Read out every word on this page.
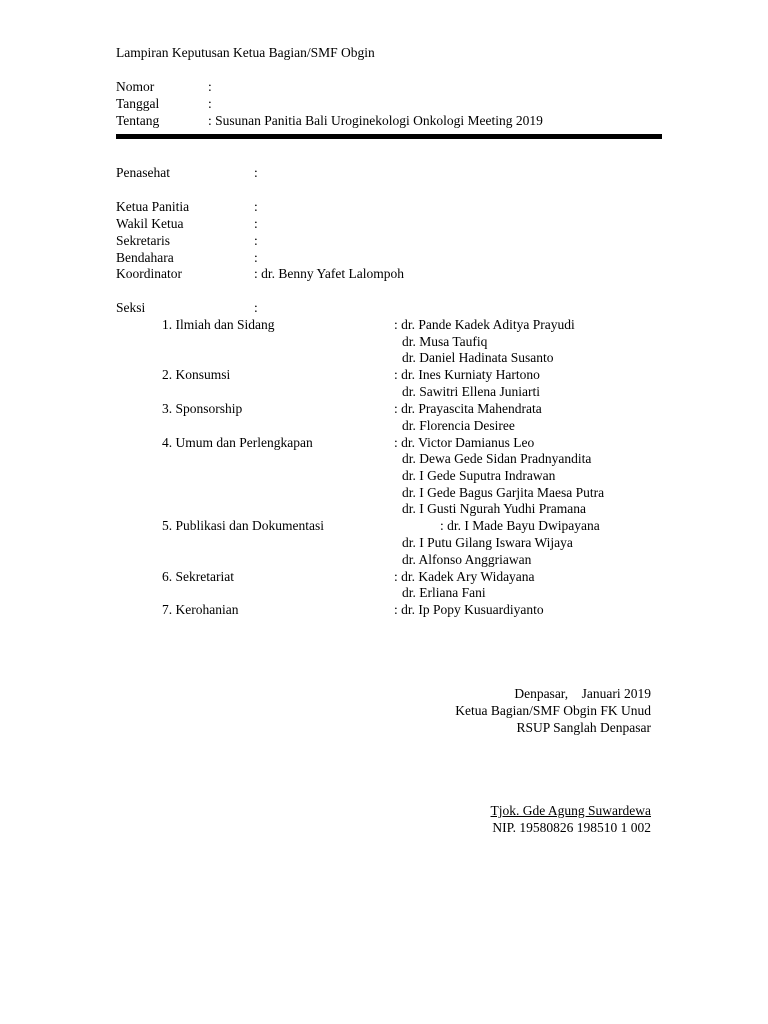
Lampiran Keputusan Ketua Bagian/SMF Obgin
Nomor	:
Tanggal	:
Tentang	: Susunan Panitia Bali Uroginekologi Onkologi Meeting 2019
Penasehat	:
Ketua Panitia	:
Wakil Ketua	:
Sekretaris	:
Bendahara	:
Koordinator	: dr. Benny Yafet Lalompoh
Seksi	:
1. Ilmiah dan Sidang	: dr. Pande Kadek Aditya Prayudi
dr. Musa Taufiq
dr. Daniel Hadinata Susanto
2. Konsumsi	: dr. Ines Kurniaty Hartono
dr. Sawitri Ellena Juniarti
3. Sponsorship	: dr. Prayascita Mahendrata
dr. Florencia Desiree
4. Umum dan Perlengkapan	: dr. Victor Damianus Leo
dr. Dewa Gede Sidan Pradnyandita
dr. I Gede Suputra Indrawan
dr. I Gede Bagus Garjita Maesa Putra
dr. I Gusti Ngurah Yudhi Pramana
5. Publikasi dan Dokumentasi	: dr. I Made Bayu Dwipayana
dr. I Putu Gilang Iswara Wijaya
dr. Alfonso Anggriawan
6. Sekretariat	: dr. Kadek Ary Widayana
dr. Erliana Fani
7. Kerohanian	: dr. Ip Popy Kusuardiyanto
Denpasar,    Januari 2019
Ketua Bagian/SMF Obgin FK Unud
RSUP Sanglah Denpasar
Tjok. Gde Agung Suwardewa
NIP. 19580826 198510 1 002
